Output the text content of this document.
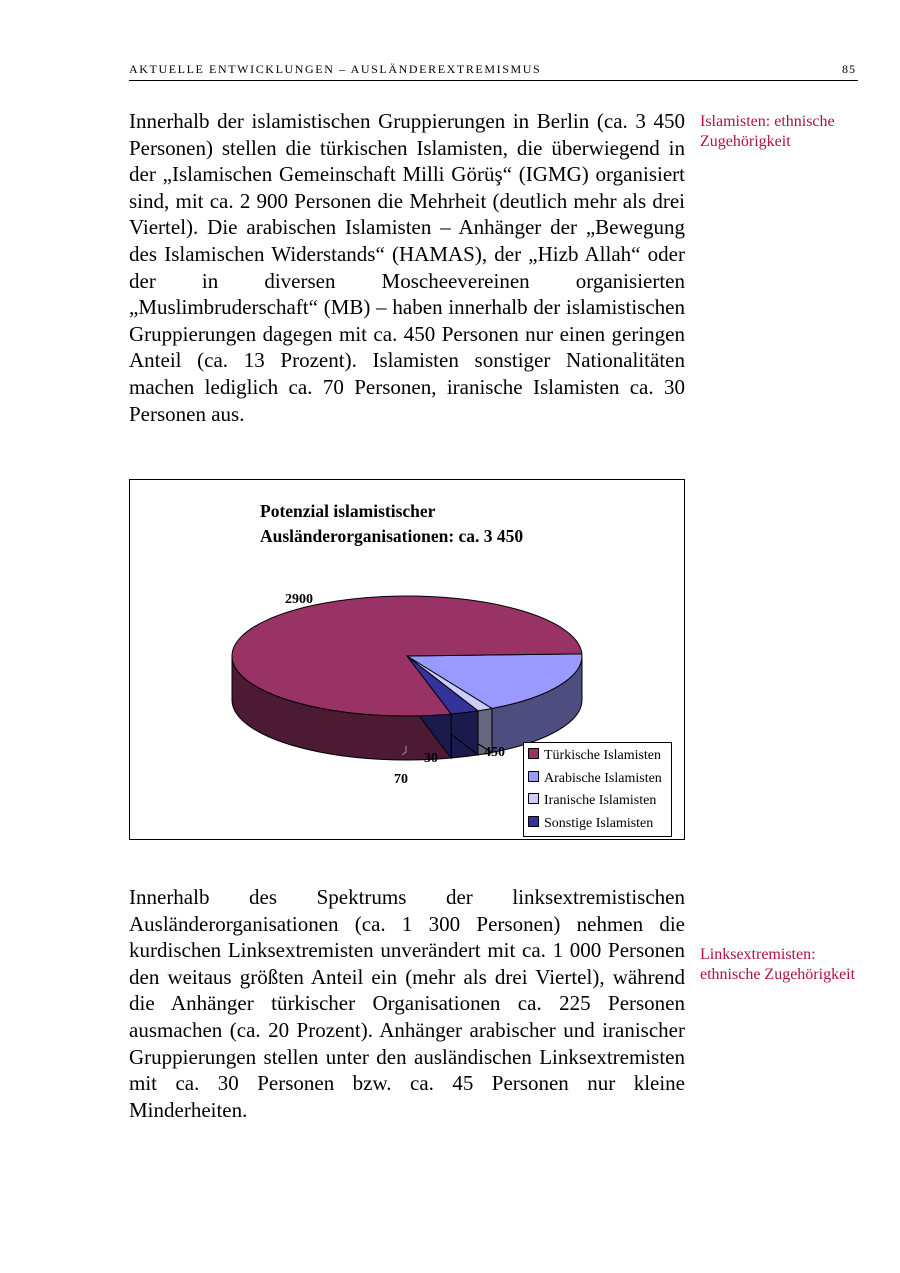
AKTUELLE ENTWICKLUNGEN – AUSLÄNDEREXTREMISMUS	85

Innerhalb der islamistischen Gruppierungen in Berlin (ca. 3 450 Personen) stellen die türkischen Islamisten, die überwiegend in der „Islamischen Gemeinschaft Milli Görüş“ (IGMG) organisiert sind, mit ca. 2 900 Personen die Mehrheit (deutlich mehr als drei Viertel). Die arabischen Islamisten – Anhänger der „Bewegung des Islamischen Widerstands“ (HAMAS), der „Hizb Allah“ oder der in diversen Moscheevereinen organisierten „Muslimbruderschaft“ (MB) – haben innerhalb der islamistischen Gruppierungen dagegen mit ca. 450 Personen nur einen geringen Anteil (ca. 13 Prozent). Islamisten sonstiger Nationalitäten machen lediglich ca. 70 Personen, iranische Islamisten ca. 30 Personen aus.

Islamisten: ethnische Zugehörigkeit

Potenzial islamistischer
Ausländerorganisationen: ca. 3 450

2900
450
30
70
Türkische Islamisten
Arabische Islamisten
Iranische Islamisten
Sonstige Islamisten

Innerhalb des Spektrums der linksextremistischen Ausländerorganisationen (ca. 1 300 Personen) nehmen die kurdischen Linksextremisten unverändert mit ca. 1 000 Personen den weitaus größten Anteil ein (mehr als drei Viertel), während die Anhänger türkischer Organisationen ca. 225 Personen ausmachen (ca. 20 Prozent). Anhänger arabischer und iranischer Gruppierungen stellen unter den ausländischen Linksextremisten mit ca. 30 Personen bzw. ca. 45 Personen nur kleine Minderheiten.

Linksextremisten: ethnische Zugehörigkeit
